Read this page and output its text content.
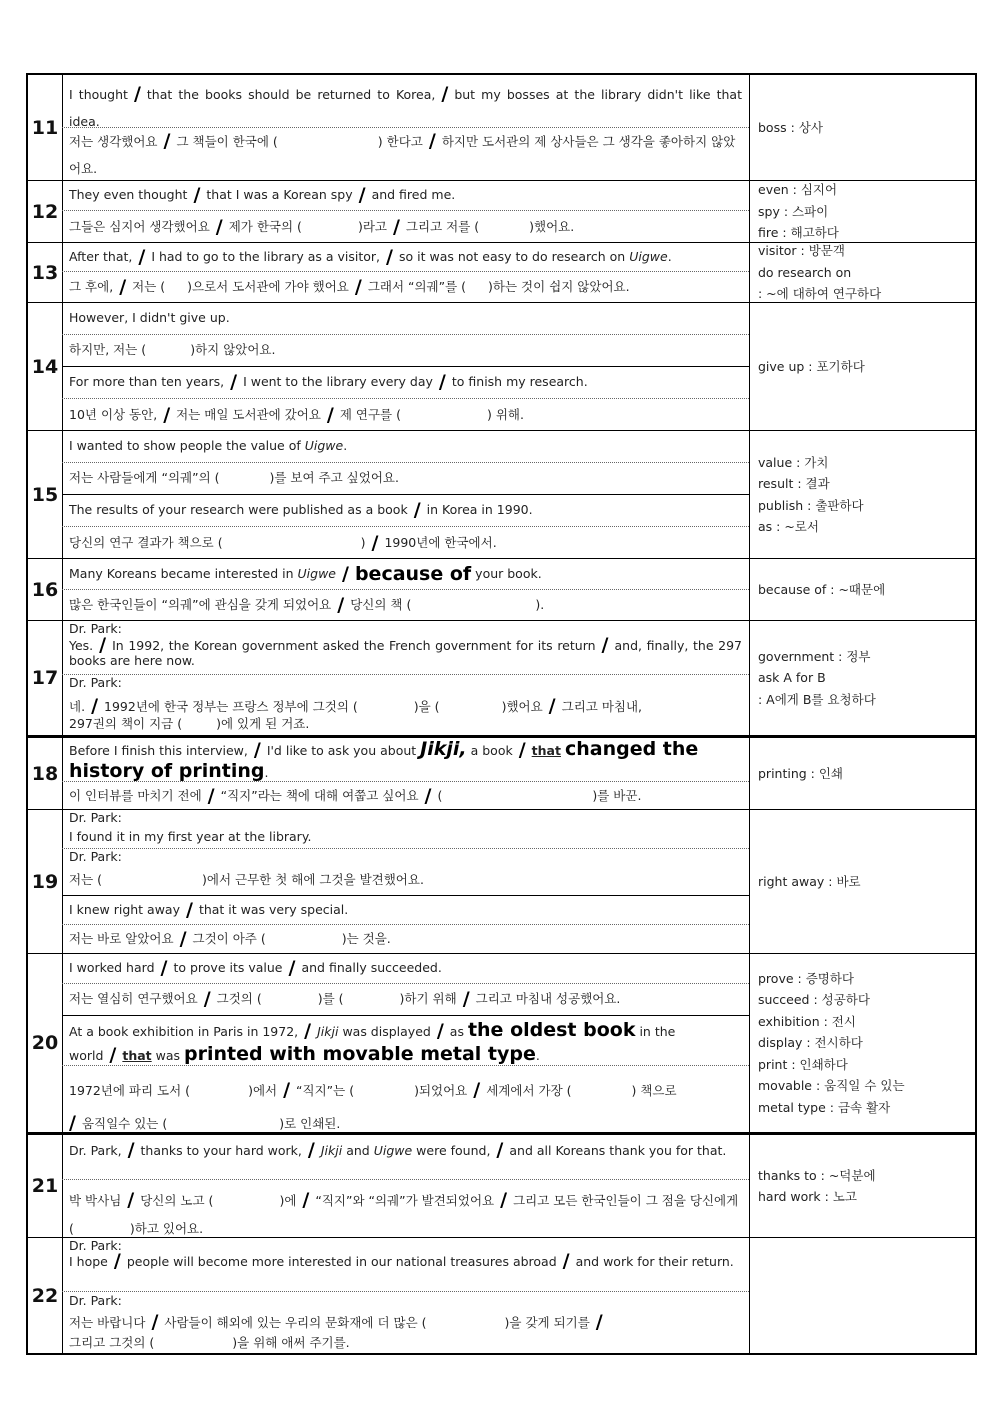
11
I thought / that the books should be returned to Korea, / but my bosses at the library didn't like that idea.
저는 생각했어요 / 그 책들이 한국에 (	) 한다고 / 하지만 도서관의 제 상사들은 그 생각을 좋아하지 않았어요.
boss : 상사
12
They even thought / that I was a Korean spy / and fired me.
그들은 심지어 생각했어요 / 제가 한국의 (	)라고 / 그리고 저를 (	)했어요.
even : 심지어
spy : 스파이
fire : 해고하다
13
After that, / I had to go to the library as a visitor, / so it was not easy to do research on
Uigwe .
그 후에, / 저는 ( )으로서 도서관에 가야 했어요 / 그래서 “의궤”를 ( )하는 것이 쉽지 않았어요.
visitor : 방문객
do research on
: ~에 대하여 연구하다
14
However, I didn't give up.
하지만, 저는 (	)하지 않았어요.
For more than ten years, / I went to the library every day / to finish my research.
10년 이상 동안, / 저는 매일 도서관에 갔어요 / 제 연구를 (	) 위해.
give up : 포기하다
15
I wanted to show people the value of
Uigwe .
저는 사람들에게 “의궤”의 (	)를 보여 주고 싶었어요.
The results of your research were published as a book / in Korea in 1990.
당신의 연구 결과가 책으로 (	) / 1990년에 한국에서.
value : 가치
result : 결과
publish : 출판하다
as : ~로서
16
Many Koreans became interested in
Uigwe / because of
your book.
많은 한국인들이 “의궤”에 관심을 갖게 되었어요 / 당신의 책 (	).
because of : ~때문에
17
Dr. Park:
Yes. / In 1992, the Korean government asked the French government for its return / and, finally, the 297 books are here now.
Dr. Park:
네. / 1992년에 한국 정부는 프랑스 정부에 그것의 (	)을 (	)했어요 / 그리고 마침내,
297권의 책이 지금 (	)에 있게 된 거죠.
government : 정부
ask A for B
: A에게 B를 요청하다
18
Before I finish this interview, / I'd like to ask you about Jikji, a book / that changed the history of printing.
이 인터뷰를 마치기 전에 / “직지”라는 책에 대해 여쭙고 싶어요 / (	)를 바꾼.
printing : 인쇄
19
Dr. Park:
I found it in my first year at the library.
Dr. Park:
저는 (	)에서 근무한 첫 해에 그것을 발견했어요.
I knew right away / that it was very special.
저는 바로 알았어요 / 그것이 아주 (	)는 것을.
right away : 바로
20
I worked hard / to prove its value / and finally succeeded.
저는 열심히 연구했어요 / 그것의 (	)를 (	)하기 위해 / 그리고 마침내 성공했어요.
At a book exhibition in Paris in 1972, / Jikji was displayed / as the oldest book in the world / that was printed with movable metal type.
1972년에 파리 도서 (	)에서 / “직지”는 (	)되었어요 / 세계에서 가장 (	) 책으로
/ 움직일수 있는 (	)로 인쇄된.
prove : 증명하다
succeed : 성공하다
exhibition : 전시
display : 전시하다
print : 인쇄하다
movable : 움직일 수 있는
metal type : 금속 활자
21
Dr. Park, / thanks to your hard work, / Jikji and Uigwe were found, / and all Koreans thank you for that.
박 박사님 / 당신의 노고 (	)에 / “직지”와 “의궤”가 발견되었어요 / 그리고 모든 한국인들이 그 점을 당신에게 (	)하고 있어요.
thanks to : ~덕분에
hard work : 노고
22
Dr. Park:
I hope / people will become more interested in our national treasures abroad / and work for their return.
Dr. Park:
저는 바랍니다 / 사람들이 해외에 있는 우리의 문화재에 더 많은 (	)을 갖게 되기를 /
그리고 그것의 (	)을 위해 애써 주기를.
